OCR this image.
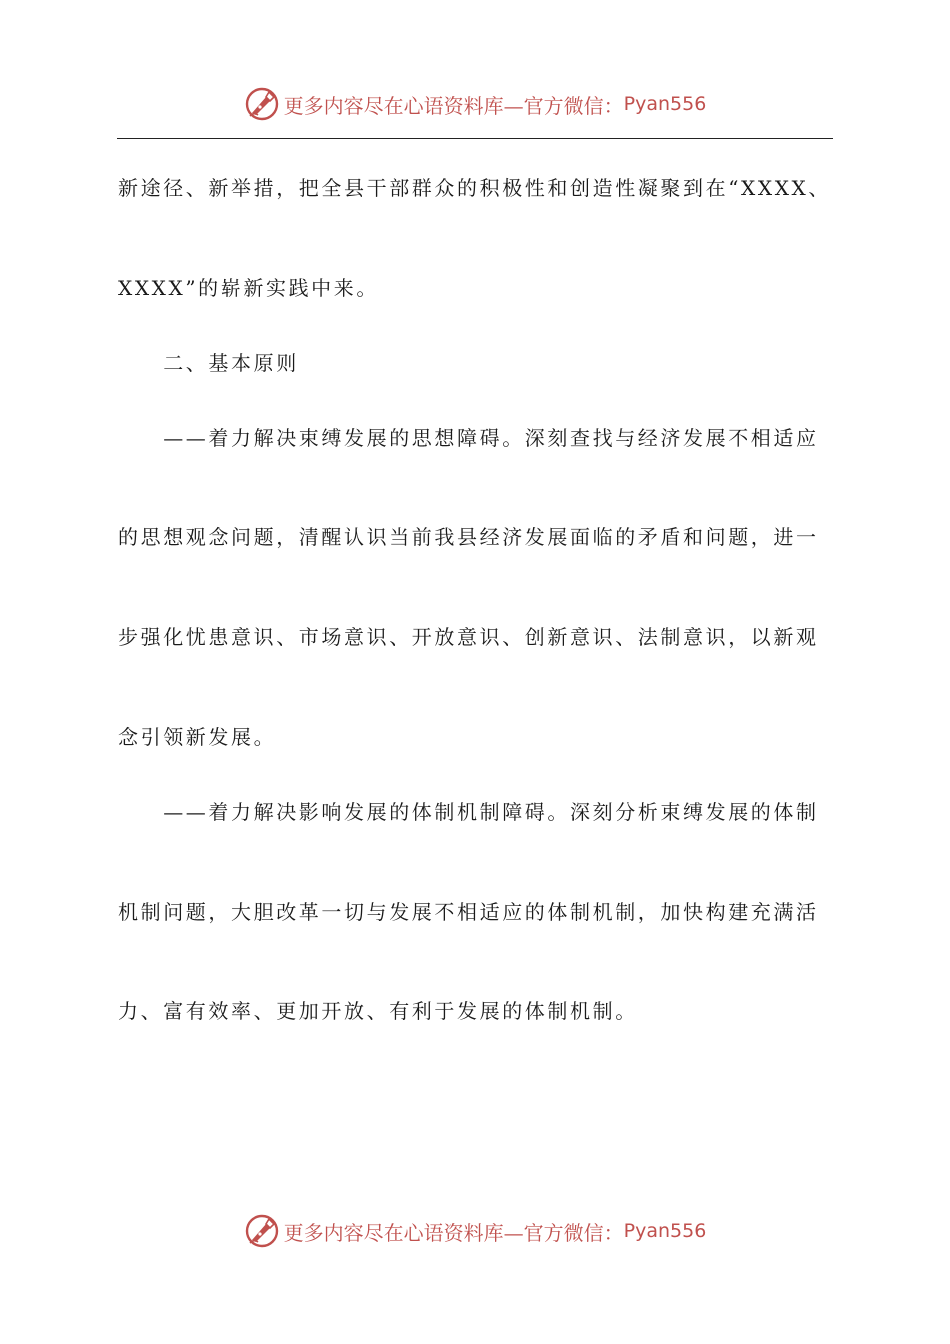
更多内容尽在心语资料库—官方微信： Pyan556
新途径、新举措，把全县干部群众的积极性和创造性凝聚到在“XXXX、
XXXX”的崭新实践中来。
　　二、基本原则
　　——着力解决束缚发展的思想障碍。深刻查找与经济发展不相适应
的思想观念问题，清醒认识当前我县经济发展面临的矛盾和问题，进一
步强化忧患意识、市场意识、开放意识、创新意识、法制意识，以新观
念引领新发展。
　　——着力解决影响发展的体制机制障碍。深刻分析束缚发展的体制
机制问题，大胆改革一切与发展不相适应的体制机制，加快构建充满活
力、富有效率、更加开放、有利于发展的体制机制。
更多内容尽在心语资料库—官方微信： Pyan556
